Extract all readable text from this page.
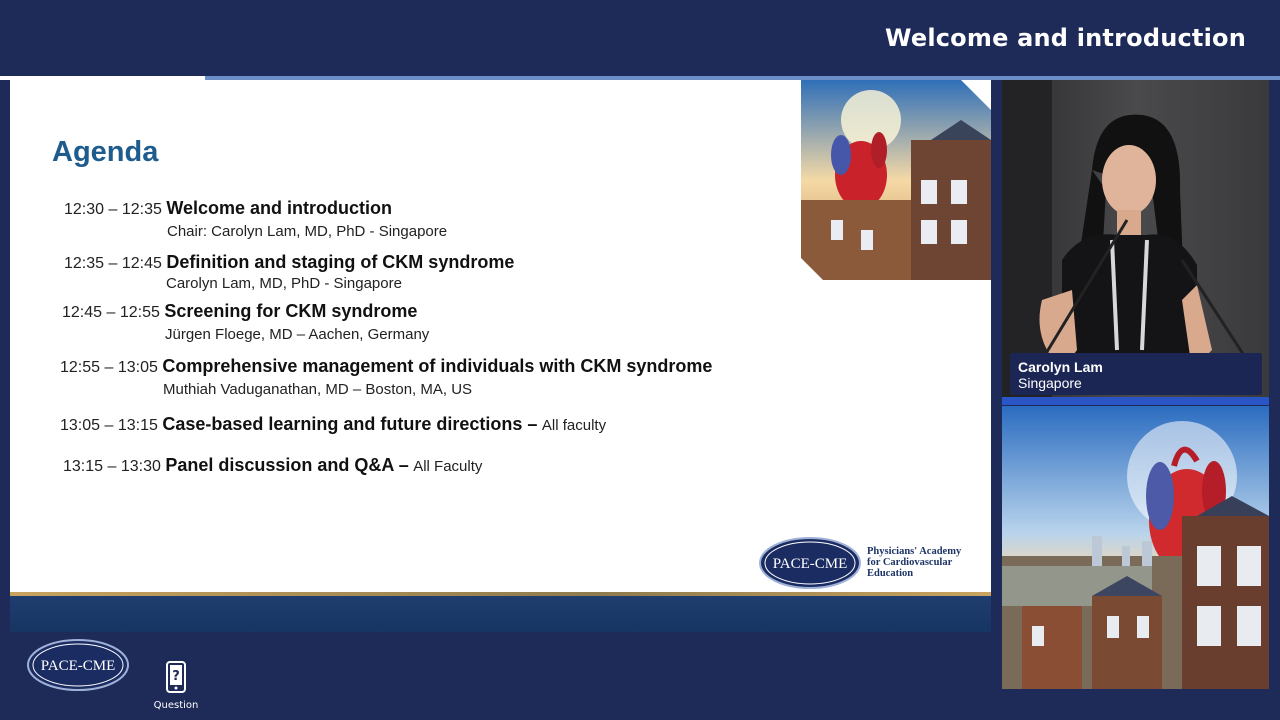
Welcome and introduction
Agenda
12:30 – 12:35 Welcome and introduction
Chair: Carolyn Lam, MD, PhD - Singapore
12:35 – 12:45 Definition and staging of CKM syndrome
Carolyn Lam, MD, PhD - Singapore
12:45 – 12:55 Screening for CKM syndrome
Jürgen Floege, MD – Aachen, Germany
12:55 – 13:05 Comprehensive management of individuals with CKM syndrome
Muthiah Vaduganathan, MD – Boston, MA, US
13:05 – 13:15 Case-based learning and future directions – All faculty
13:15 – 13:30 Panel discussion and Q&A – All Faculty
PACE-CME
Physicians' Academy
for Cardiovascular
Education
Carolyn Lam
Singapore
PACE-CME
?
Question
